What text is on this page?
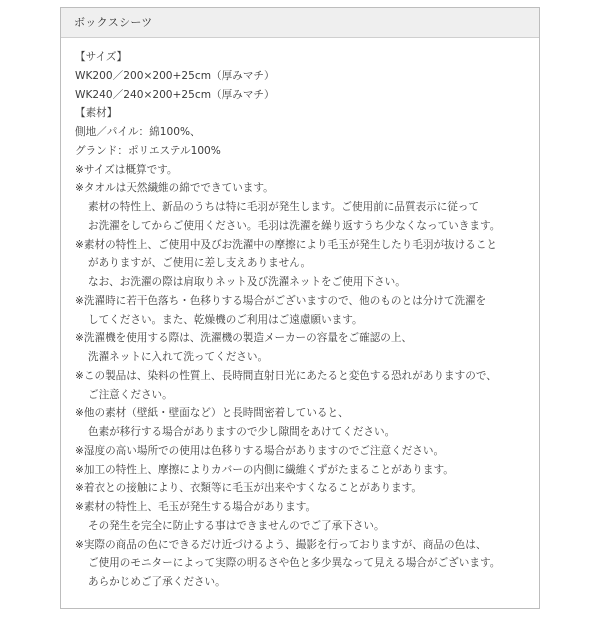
ボックスシーツ
【サイズ】
WK200／200×200+25cm（厚みマチ）
WK240／240×200+25cm（厚みマチ）
【素材】
側地／パイル：綿100%、
グランド：ポリエステル100%
※サイズは概算です。
※タオルは天然繊維の綿でできています。
素材の特性上、新品のうちは特に毛羽が発生します。ご使用前に品質表示に従って
お洗濯をしてからご使用ください。毛羽は洗濯を繰り返すうち少なくなっていきます。
※素材の特性上、ご使用中及びお洗濯中の摩擦により毛玉が発生したり毛羽が抜けること
がありますが、ご使用に差し支えありません。
なお、お洗濯の際は肩取りネット及び洗濯ネットをご使用下さい。
※洗濯時に若干色落ち・色移りする場合がございますので、他のものとは分けて洗濯を
してください。また、乾燥機のご利用はご遠慮願います。
※洗濯機を使用する際は、洗濯機の製造メーカーの容量をご確認の上、
洗濯ネットに入れて洗ってください。
※この製品は、染料の性質上、長時間直射日光にあたると変色する恐れがありますので、
ご注意ください。
※他の素材（壁紙・壁面など）と長時間密着していると、
色素が移行する場合がありますので少し隙間をあけてください。
※湿度の高い場所での使用は色移りする場合がありますのでご注意ください。
※加工の特性上、摩擦によりカバーの内側に繊維くずがたまることがあります。
※着衣との接触により、衣類等に毛玉が出来やすくなることがあります。
※素材の特性上、毛玉が発生する場合があります。
その発生を完全に防止する事はできませんのでご了承下さい。
※実際の商品の色にできるだけ近づけるよう、撮影を行っておりますが、商品の色は、
ご使用のモニターによって実際の明るさや色と多少異なって見える場合がございます。
あらかじめご了承ください。
